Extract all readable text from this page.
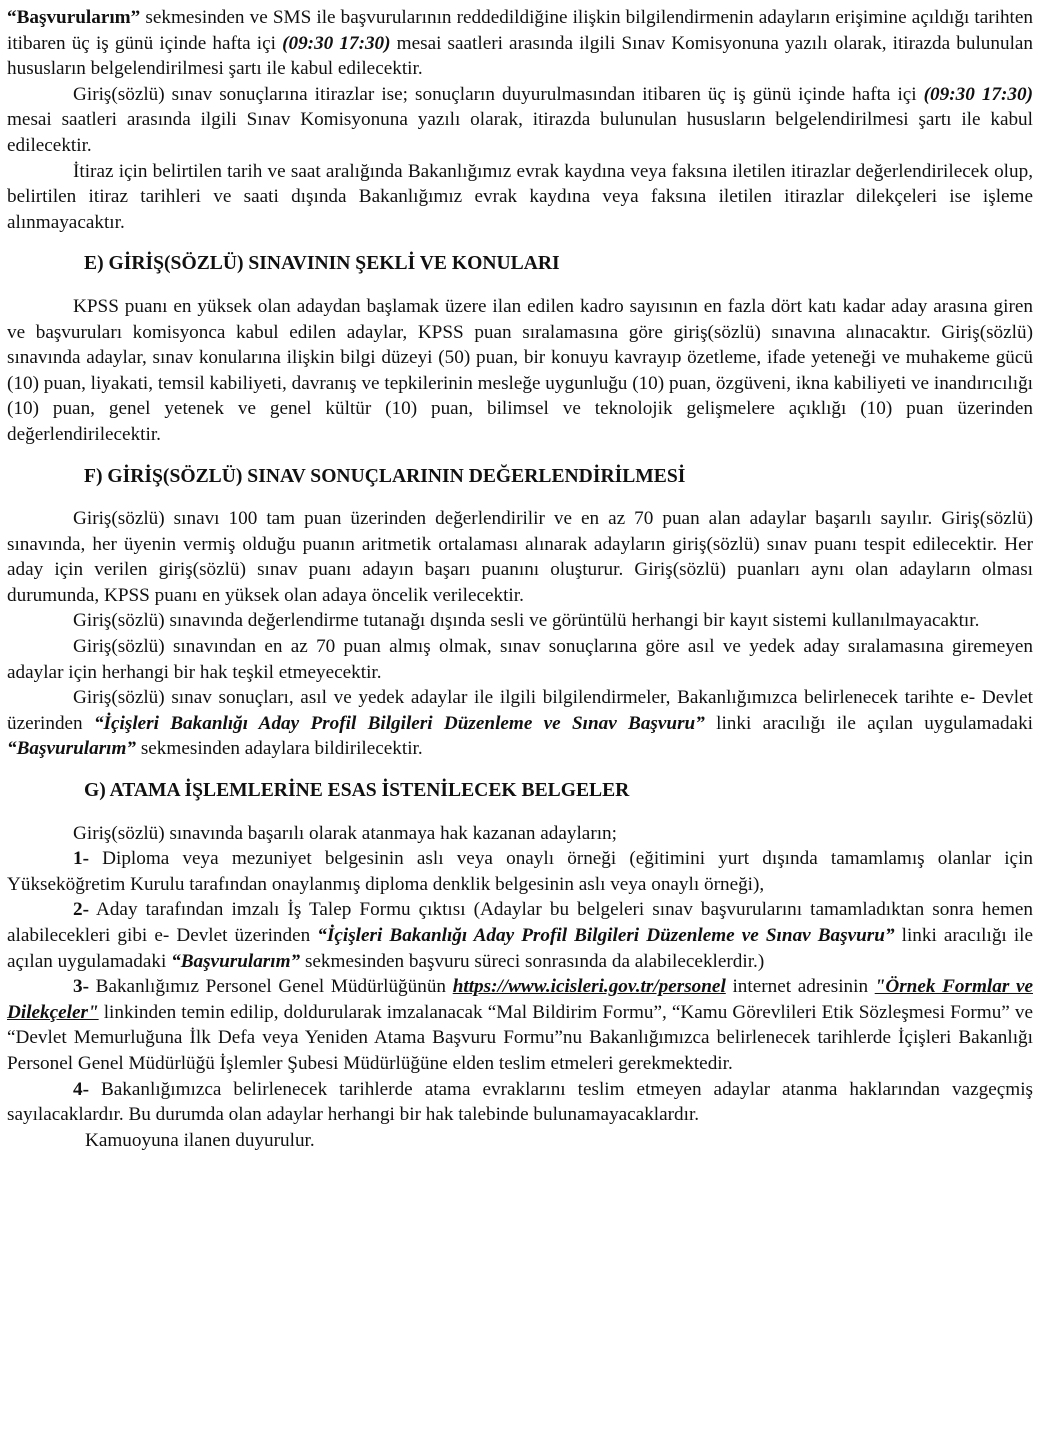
“Başvurularım” sekmesinden ve SMS ile başvurularının reddedildiğine ilişkin bilgilendirmenin adayların erişimine açıldığı tarihten itibaren üç iş günü içinde hafta içi (09:30 17:30) mesai saatleri arasında ilgili Sınav Komisyonuna yazılı olarak, itirazda bulunulan hususların belgelendirilmesi şartı ile kabul edilecektir.

Giriş(sözlü) sınav sonuçlarına itirazlar ise; sonuçların duyurulmasından itibaren üç iş günü içinde hafta içi (09:30 17:30) mesai saatleri arasında ilgili Sınav Komisyonuna yazılı olarak, itirazda bulunulan hususların belgelendirilmesi şartı ile kabul edilecektir.

İtiraz için belirtilen tarih ve saat aralığında Bakanlığımız evrak kaydına veya faksına iletilen itirazlar değerlendirilecek olup, belirtilen itiraz tarihleri ve saati dışında Bakanlığımız evrak kaydına veya faksına iletilen itirazlar dilekçeleri ise işleme alınmayacaktır.

E) GİRİŞ(SÖZLÜ) SINAVININ ŞEKLİ VE KONULARI

KPSS puanı en yüksek olan adaydan başlamak üzere ilan edilen kadro sayısının en fazla dört katı kadar aday arasına giren ve başvuruları komisyonca kabul edilen adaylar, KPSS puan sıralamasına göre giriş(sözlü) sınavına alınacaktır. Giriş(sözlü) sınavında adaylar, sınav konularına ilişkin bilgi düzeyi (50) puan, bir konuyu kavrayıp özetleme, ifade yeteneği ve muhakeme gücü (10) puan, liyakati, temsil kabiliyeti, davranış ve tepkilerinin mesleğe uygunluğu (10) puan, özgüveni, ikna kabiliyeti ve inandırıcılığı (10) puan, genel yetenek ve genel kültür (10) puan, bilimsel ve teknolojik gelişmelere açıklığı (10) puan üzerinden değerlendirilecektir.

F) GİRİŞ(SÖZLÜ) SINAV SONUÇLARININ DEĞERLENDİRİLMESİ

Giriş(sözlü) sınavı 100 tam puan üzerinden değerlendirilir ve en az 70 puan alan adaylar başarılı sayılır. Giriş(sözlü) sınavında, her üyenin vermiş olduğu puanın aritmetik ortalaması alınarak adayların giriş(sözlü) sınav puanı tespit edilecektir. Her aday için verilen giriş(sözlü) sınav puanı adayın başarı puanını oluşturur. Giriş(sözlü) puanları aynı olan adayların olması durumunda, KPSS puanı en yüksek olan adaya öncelik verilecektir.

Giriş(sözlü) sınavında değerlendirme tutanağı dışında sesli ve görüntülü herhangi bir kayıt sistemi kullanılmayacaktır.

Giriş(sözlü) sınavından en az 70 puan almış olmak, sınav sonuçlarına göre asıl ve yedek aday sıralamasına giremeyen adaylar için herhangi bir hak teşkil etmeyecektir.

Giriş(sözlü) sınav sonuçları, asıl ve yedek adaylar ile ilgili bilgilendirmeler, Bakanlığımızca belirlenecek tarihte e- Devlet üzerinden “İçişleri Bakanlığı Aday Profil Bilgileri Düzenleme ve Sınav Başvuru” linki aracılığı ile açılan uygulamadaki “Başvurularım” sekmesinden adaylara bildirilecektir.

G) ATAMA İŞLEMLERİNE ESAS İSTENİLECEK BELGELER

Giriş(sözlü) sınavında başarılı olarak atanmaya hak kazanan adayların;

1- Diploma veya mezuniyet belgesinin aslı veya onaylı örneği (eğitimini yurt dışında tamamlamış olanlar için Yükseköğretim Kurulu tarafından onaylanmış diploma denklik belgesinin aslı veya onaylı örneği),

2- Aday tarafından imzalı İş Talep Formu çıktısı (Adaylar bu belgeleri sınav başvurularını tamamladıktan sonra hemen alabilecekleri gibi e- Devlet üzerinden “İçişleri Bakanlığı Aday Profil Bilgileri Düzenleme ve Sınav Başvuru” linki aracılığı ile açılan uygulamadaki “Başvurularım” sekmesinden başvuru süreci sonrasında da alabileceklerdir.)

3- Bakanlığımız Personel Genel Müdürlüğünün https://www.icisleri.gov.tr/personel internet adresinin "Örnek Formlar ve Dilekçeler" linkinden temin edilip, doldurularak imzalanacak “Mal Bildirim Formu”, “Kamu Görevlileri Etik Sözleşmesi Formu” ve “Devlet Memurluğuna İlk Defa veya Yeniden Atama Başvuru Formu”nu Bakanlığımızca belirlenecek tarihlerde İçişleri Bakanlığı Personel Genel Müdürlüğü İşlemler Şubesi Müdürlüğüne elden teslim etmeleri gerekmektedir.

4- Bakanlığımızca belirlenecek tarihlerde atama evraklarını teslim etmeyen adaylar atanma haklarından vazgeçmiş sayılacaklardır. Bu durumda olan adaylar herhangi bir hak talebinde bulunamayacaklardır.

Kamuoyuna ilanen duyurulur.
